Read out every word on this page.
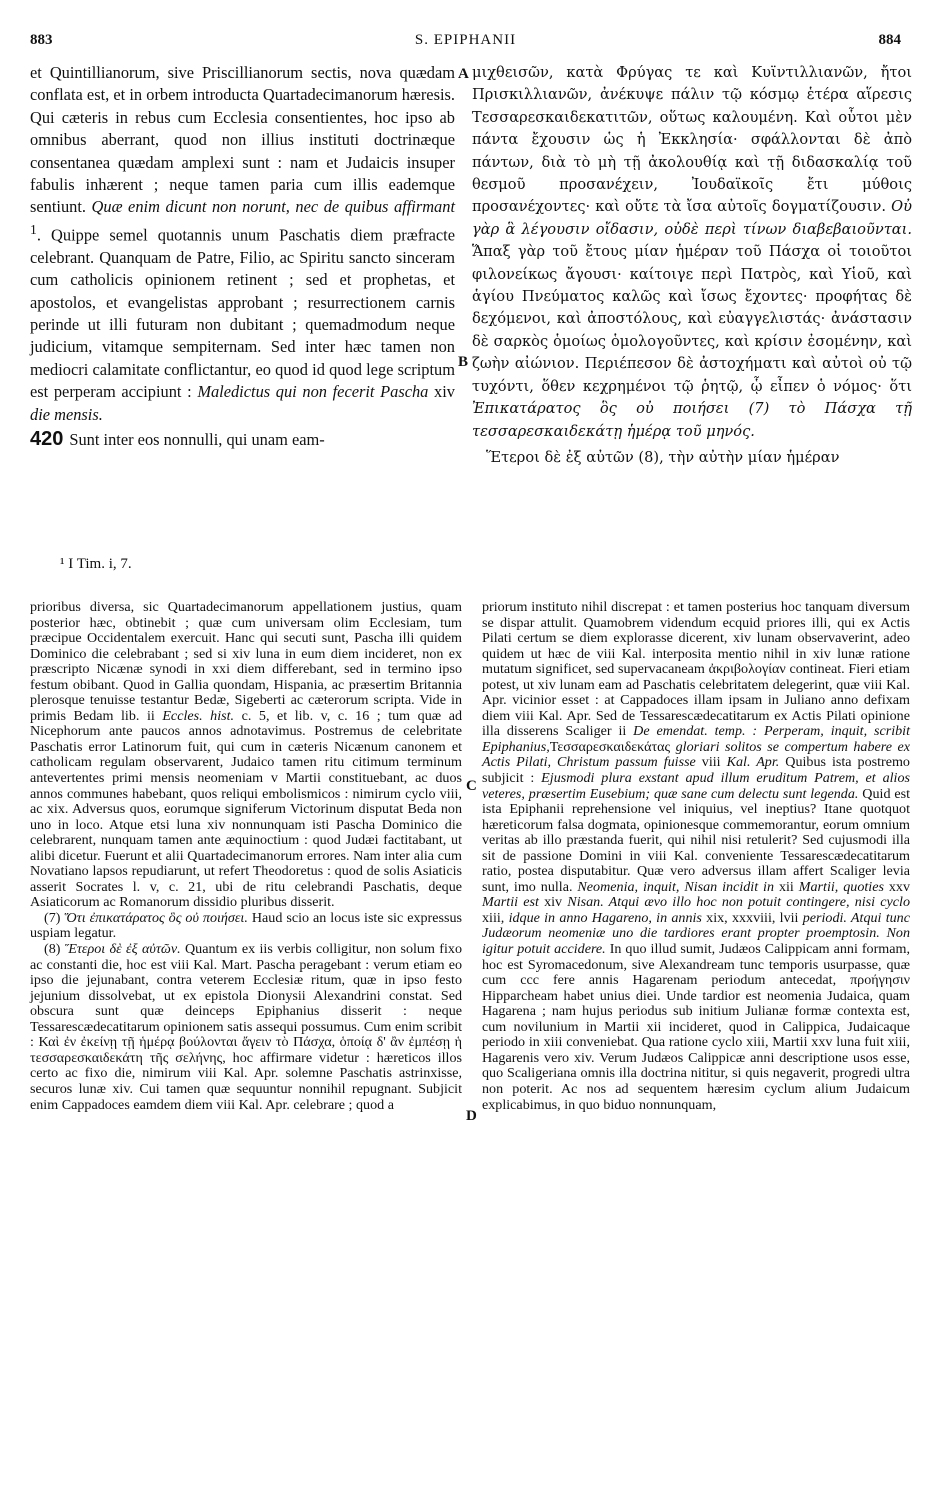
883	S. EPIPHANII	884

et Quintillianorum, sive Priscillianorum sectis, nova quædam conflata est, et in orbem introducta Quartadecimanorum hæresis. Qui cæteris in rebus cum Ecclesia consentientes, hoc ipso ab omnibus aberrant, quod non illius instituti doctrinæque consentanea quædam amplexi sunt : nam et Judaicis insuper fabulis inhærent ; neque tamen paria cum illis eademque sentiunt. Quæ enim dicunt non norunt, nec de quibus affirmant $^1$. Quippe semel quotannis unum Paschatis diem præfracte celebrant. Quanquam de Patre, Filio, ac Spiritu sancto sinceram cum catholicis opinionem retinent ; sed et prophetas, et apostolos, et evangelistas approbant ; resurrectionem carnis perinde ut illi futuram non dubitant ; quemadmodum neque judicium, vitamque sempiternam. Sed inter hæc tamen non mediocri calamitate conflictantur, eo quod id quod lege scriptum est perperam accipiunt : Maledictus qui non fecerit Pascha xiv die mensis.

420 Sunt inter eos nonnulli, qui unam eam-

A
B

μιχθεισῶν, κατὰ Φρύγας τε καὶ Κυϊντιλλιανῶν, ἤτοι Πρισκιλλιανῶν, ἀνέκυψε πάλιν τῷ κόσμῳ ἑτέρα αἵρεσις Τεσσαρεσκαιδεκατιτῶν, οὕτως καλουμένη. Καὶ οὗτοι μὲν πάντα ἔχουσιν ὡς ἡ Ἐκκλησία· σφάλλονται δὲ ἀπὸ πάντων, διὰ τὸ μὴ τῇ ἀκολουθίᾳ καὶ τῇ διδασκαλίᾳ τοῦ θεσμοῦ προσανέχειν, Ἰουδαϊκοῖς ἔτι μύθοις προσανέχοντες· καὶ οὔτε τὰ ἴσα αὐτοῖς δογματίζουσιν. Οὐ γὰρ ἃ λέγουσιν οἴδασιν, οὐδὲ περὶ τίνων διαβεβαιοῦνται. Ἅπαξ γὰρ τοῦ ἔτους μίαν ἡμέραν τοῦ Πάσχα οἱ τοιοῦτοι φιλονείκως ἄγουσι· καίτοιγε περὶ Πατρὸς, καὶ Υἱοῦ, καὶ ἁγίου Πνεύματος καλῶς καὶ ἴσως ἔχοντες· προφήτας δὲ δεχόμενοι, καὶ ἀποστόλους, καὶ εὐαγγελιστάς· ἀνάστασιν δὲ σαρκὸς ὁμοίως ὁμολογοῦντες, καὶ κρίσιν ἐσομένην, καὶ ζωὴν αἰώνιον. Περιέπεσον δὲ ἀστοχήματι καὶ αὐτοὶ οὐ τῷ τυχόντι, ὅθεν κεχρημένοι τῷ ῥητῷ, ᾧ εἶπεν ὁ νόμος· ὅτι Ἐπικατάρατος ὃς οὐ ποιήσει (7) τὸ Πάσχα τῇ τεσσαρεσκαιδεκάτῃ ἡμέρᾳ τοῦ μηνός.

Ἕτεροι δὲ ἐξ αὐτῶν (8), τὴν αὐτὴν μίαν ἡμέραν

¹ I Tim. i, 7.

prioribus diversa, sic Quartadecimanorum appellationem justius, quam posterior hæc, obtinebit ; quæ cum universam olim Ecclesiam, tum præcipue Occidentalem exercuit. Hanc qui secuti sunt, Pascha illi quidem Dominico die celebrabant ; sed si xiv luna in eum diem incideret, non ex præscripto Nicænæ synodi in xxi diem differebant, sed in termino ipso festum obibant. Quod in Gallia quondam, Hispania, ac præsertim Britannia plerosque tenuisse testantur Bedæ, Sigeberti ac cæterorum scripta. Vide in primis Bedam lib. ii Eccles. hist. c. 5, et lib. v, c. 16 ; tum quæ ad Nicephorum ante paucos annos adnotavimus. Postremus de celebritate Paschatis error Latinorum fuit, qui cum in cæteris Nicænum canonem et catholicam regulam observarent, Judaico tamen ritu citimum terminum antevertentes primi mensis neomeniam v Martii constituebant, ac duos annos communes habebant, quos reliqui embolismicos : nimirum cyclo viii, ac xix. Adversus quos, eorumque signiferum Victorinum disputat Beda non uno in loco. Atque etsi luna xiv nonnunquam isti Pascha Dominico die celebrarent, nunquam tamen ante æquinoctium : quod Judæi factitabant, ut alibi dicetur. Fuerunt et alii Quartadecimanorum errores. Nam inter alia cum Novatiano lapsos repudiarunt, ut refert Theodoretus : quod de solis Asiaticis asserit Socrates l. v, c. 21, ubi de ritu celebrandi Paschatis, deque Asiaticorum ac Romanorum dissidio pluribus disserit.

(7) Ὅτι ἐπικατάρατος ὃς οὐ ποιήσει. Haud scio an locus iste sic expressus uspiam legatur.

(8) Ἕτεροι δὲ ἐξ αὐτῶν. Quantum ex iis verbis colligitur, non solum fixo ac constanti die, hoc est viii Kal. Mart. Pascha peragebant : verum etiam eo ipso die jejunabant, contra veterem Ecclesiæ ritum, quæ in ipso festo jejunium dissolvebat, ut ex epistola Dionysii Alexandrini constat. Sed obscura sunt quæ deinceps Epiphanius disserit : neque Tessarescædecatitarum opinionem satis assequi possumus. Cum enim scribit : Καὶ ἐν ἐκείνῃ τῇ ἡμέρᾳ βούλονται ἄγειν τὸ Πάσχα, ὁποίᾳ δ' ἂν ἐμπέσῃ ἡ τεσσαρεσκαιδεκάτη τῆς σελήνης, hoc affirmare videtur : hæreticos illos certo ac fixo die, nimirum viii Kal. Apr. solemne Paschatis astrinxisse, securos lunæ xiv. Cui tamen quæ sequuntur nonnihil repugnant. Subjicit enim Cappadoces eamdem diem viii Kal. Apr. celebrare ; quod a

C
D

priorum instituto nihil discrepat : et tamen posterius hoc tanquam diversum se dispar attulit. Quamobrem videndum ecquid priores illi, qui ex Actis Pilati certum se diem explorasse dicerent, xiv lunam observaverint, adeo quidem ut hæc de viii Kal. interposita mentio nihil in xiv lunæ ratione mutatum significet, sed supervacaneam ἀκριβολογίαν contineat. Fieri etiam potest, ut xiv lunam eam ad Paschatis celebritatem delegerint, quæ viii Kal. Apr. vicinior esset : at Cappadoces illam ipsam in Juliano anno defixam diem viii Kal. Apr. Sed de Tessarescædecatitarum ex Actis Pilati opinione illa disserens Scaliger ii De emendat. temp. : Perperam, inquit, scribit Epiphanius,Τεσσαρεσκαιδεκάτας gloriari solitos se compertum habere ex Actis Pilati, Christum passum fuisse viii Kal. Apr. Quibus ista postremo subjicit : Ejusmodi plura exstant apud illum eruditum Patrem, et alios veteres, præsertim Eusebium; quæ sane cum delectu sunt legenda. Quid est ista Epiphanii reprehensione vel iniquius, vel ineptius? Itane quotquot hæreticorum falsa dogmata, opinionesque commemorantur, eorum omnium veritas ab illo præstanda fuerit, qui nihil nisi retulerit? Sed cujusmodi illa sit de passione Domini in viii Kal. conveniente Tessarescædecatitarum ratio, postea disputabitur. Quæ vero adversus illam affert Scaliger levia sunt, imo nulla. Neomenia, inquit, Nisan incidit in xii Martii, quoties xxv Martii est xiv Nisan. Atqui ævo illo hoc non potuit contingere, nisi cyclo xiii, idque in anno Hagareno, in annis xix, xxxviii, lvii periodi. Atqui tunc Judæorum neomeniæ uno die tardiores erant propter proemptosin. Non igitur potuit accidere. In quo illud sumit, Judæos Calippicam anni formam, hoc est Syromacedonum, sive Alexandream tunc temporis usurpasse, quæ cum ccc fere annis Hagarenam periodum antecedat, προήγησιν Hipparcheam habet unius diei. Unde tardior est neomenia Judaica, quam Hagarena ; nam hujus periodus sub initium Julianæ formæ contexta est, cum novilunium in Martii xii incideret, quod in Calippica, Judaicaque periodo in xiii conveniebat. Qua ratione cyclo xiii, Martii xxv luna fuit xiii, Hagarenis vero xiv. Verum Judæos Calippicæ anni descriptione usos esse, quo Scaligeriana omnis illa doctrina nititur, si quis negaverit, progredi ultra non poterit. Ac nos ad sequentem hæresim cyclum alium Judaicum explicabimus, in quo biduo nonnunquam,
